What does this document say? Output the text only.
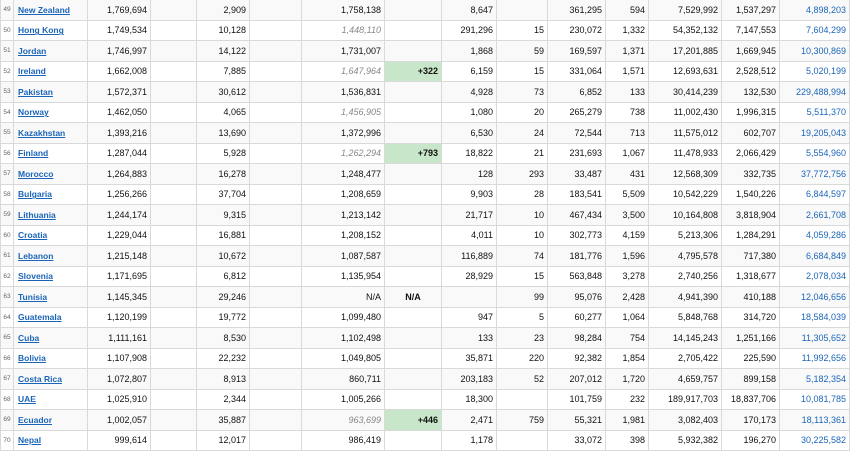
49	New Zealand	1,769,694		2,909		1,758,138		8,647		361,295	594	7,529,992	1,537,297	4,898,203
50	Hong Kong	1,749,534		10,128		1,448,110		291,296	15	230,072	1,332	54,352,132	7,147,553	7,604,299
51	Jordan	1,746,997		14,122		1,731,007		1,868	59	169,597	1,371	17,201,885	1,669,945	10,300,869
52	Ireland	1,662,008		7,885		1,647,964	+322	6,159	15	331,064	1,571	12,693,631	2,528,512	5,020,199
53	Pakistan	1,572,371		30,612		1,536,831		4,928	73	6,852	133	30,414,239	132,530	229,488,994
54	Norway	1,462,050		4,065		1,456,905		1,080	20	265,279	738	11,002,430	1,996,315	5,511,370
55	Kazakhstan	1,393,216		13,690		1,372,996		6,530	24	72,544	713	11,575,012	602,707	19,205,043
56	Finland	1,287,044		5,928		1,262,294	+793	18,822	21	231,693	1,067	11,478,933	2,066,429	5,554,960
57	Morocco	1,264,883		16,278		1,248,477		128	293	33,487	431	12,568,309	332,735	37,772,756
58	Bulgaria	1,256,266		37,704		1,208,659		9,903	28	183,541	5,509	10,542,229	1,540,226	6,844,597
59	Lithuania	1,244,174		9,315		1,213,142		21,717	10	467,434	3,500	10,164,808	3,818,904	2,661,708
60	Croatia	1,229,044		16,881		1,208,152		4,011	10	302,773	4,159	5,213,306	1,284,291	4,059,286
61	Lebanon	1,215,148		10,672		1,087,587		116,889	74	181,776	1,596	4,795,578	717,380	6,684,849
62	Slovenia	1,171,695		6,812		1,135,954		28,929	15	563,848	3,278	2,740,256	1,318,677	2,078,034
63	Tunisia	1,145,345		29,246		N/A	N/A		99	95,076	2,428	4,941,390	410,188	12,046,656
64	Guatemala	1,120,199		19,772		1,099,480		947	5	60,277	1,064	5,848,768	314,720	18,584,039
65	Cuba	1,111,161		8,530		1,102,498		133	23	98,284	754	14,145,243	1,251,166	11,305,652
66	Bolivia	1,107,908		22,232		1,049,805		35,871	220	92,382	1,854	2,705,422	225,590	11,992,656
67	Costa Rica	1,072,807		8,913		860,711		203,183	52	207,012	1,720	4,659,757	899,158	5,182,354
68	UAE	1,025,910		2,344		1,005,266		18,300		101,759	232	189,917,703	18,837,706	10,081,785
69	Ecuador	1,002,057		35,887		963,699	+446	2,471	759	55,321	1,981	3,082,403	170,173	18,113,361
70	Nepal	999,614		12,017		986,419		1,178		33,072	398	5,932,382	196,270	30,225,582
